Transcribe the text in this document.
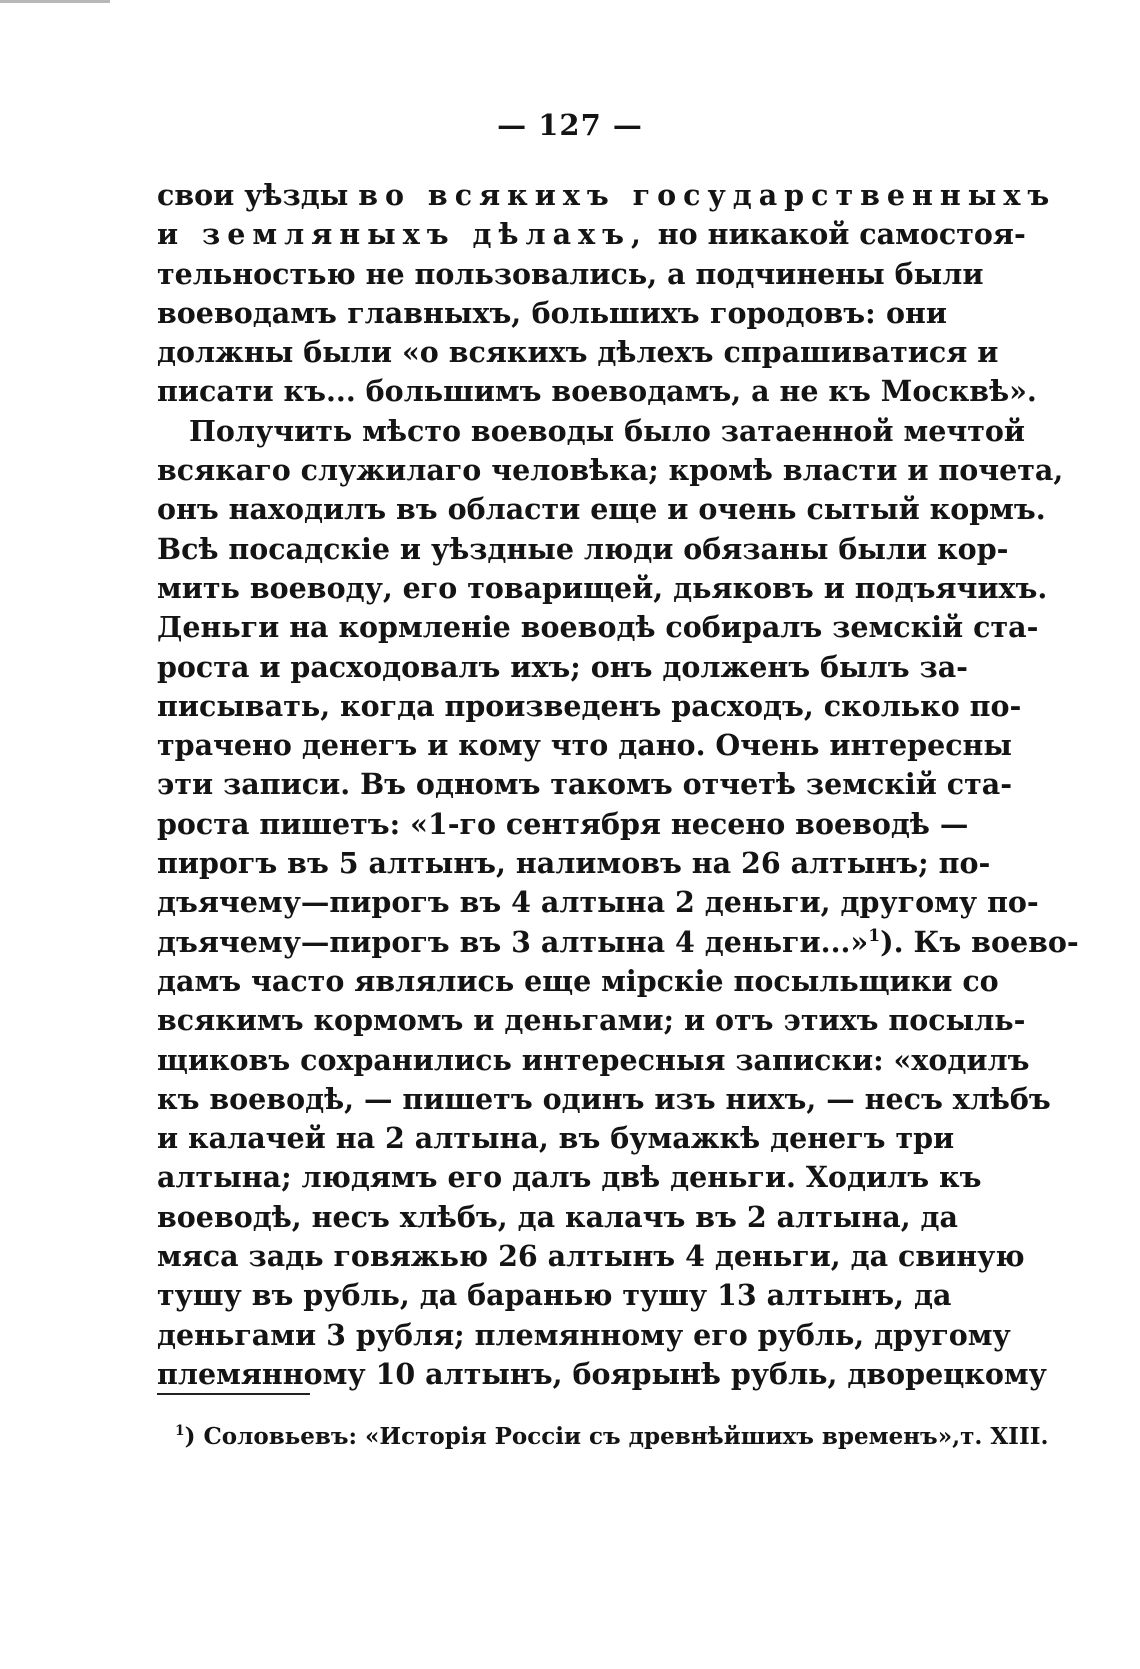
— 127 —
свои уѣзды во всякихъ государственныхъ
и земляныхъ дѣлахъ, но никакой самостоя-
тельностью не пользовались, а подчинены были
воеводамъ главныхъ, большихъ городовъ: они
должны были «о всякихъ дѣлехъ спрашиватися и
писати къ... большимъ воеводамъ, а не къ Москвѣ».
Получить мѣсто воеводы было затаенной мечтой
всякаго служилаго человѣка; кромѣ власти и почета,
онъ находилъ въ области еще и очень сытый кормъ.
Всѣ посадскіе и уѣздные люди обязаны были кор-
мить воеводу, его товарищей, дьяковъ и подъячихъ.
Деньги на кормленіе воеводѣ собиралъ земскій ста-
роста и расходовалъ ихъ; онъ долженъ былъ за-
писывать, когда произведенъ расходъ, сколько по-
трачено денегъ и кому что дано. Очень интересны
эти записи. Въ одномъ такомъ отчетѣ земскій ста-
роста пишетъ: «1-го сентября несено воеводѣ —
пирогъ въ 5 алтынъ, налимовъ на 26 алтынъ; по-
дъячему—пирогъ въ 4 алтына 2 деньги, другому по-
дъячему—пирогъ въ 3 алтына 4 деньги...»$^1$). Къ воево-
дамъ часто являлись еще мірскіе посыльщики со
всякимъ кормомъ и деньгами; и отъ этихъ посыль-
щиковъ сохранились интересныя записки: «ходилъ
къ воеводѣ, — пишетъ одинъ изъ нихъ, — несъ хлѣбъ
и калачей на 2 алтына, въ бумажкѣ денегъ три
алтына; людямъ его далъ двѣ деньги. Ходилъ къ
воеводѣ, несъ хлѣбъ, да калачъ въ 2 алтына, да
мяса задь говяжью 26 алтынъ 4 деньги, да свиную
тушу въ рубль, да баранью тушу 13 алтынъ, да
деньгами 3 рубля; племянному его рубль, другому
племянному 10 алтынъ, боярынѣ рубль, дворецкому
$^1$) Соловьевъ: «Исторія Россіи съ древнѣйшихъ временъ»,т. XIII.
